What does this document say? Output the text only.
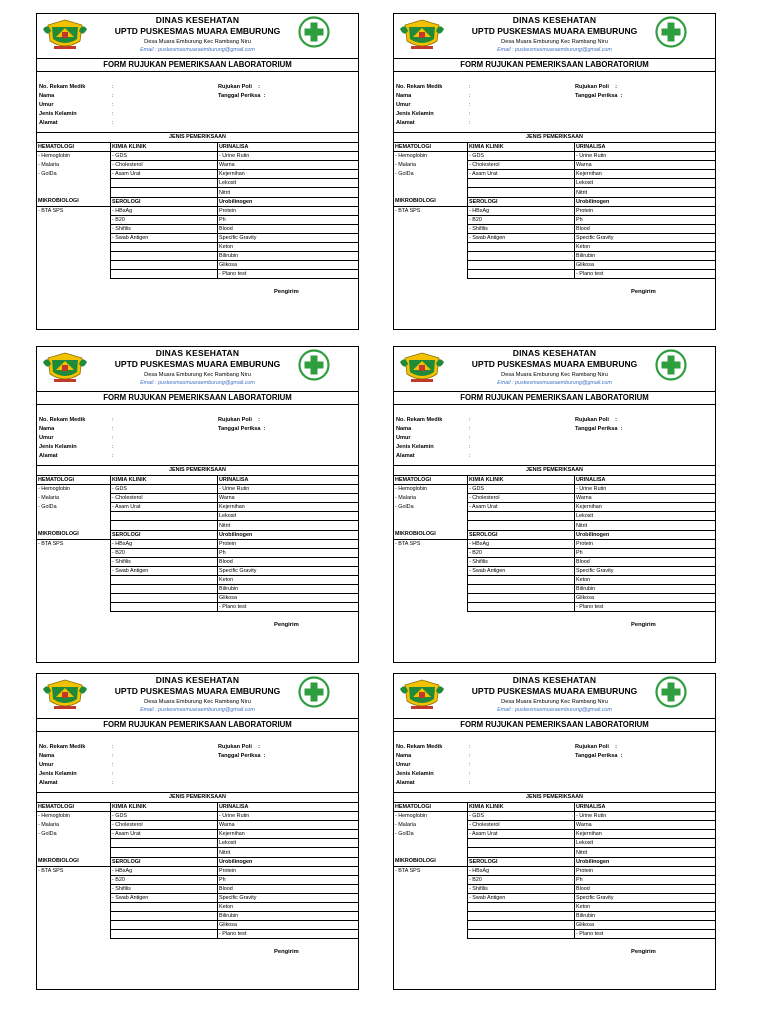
DINAS KESEHATAN
UPTD PUSKESMAS MUARA EMBURUNG
Desa Muara Emburung Kec Rambang Niru
Email : puskesmasmuaraemburung@gmail.com
FORM RUJUKAN PEMERIKSAAN LABORATORIUM
No. Rekam Medik	:
Nama	:
Umur	:
Jenis Kelamin	:
Alamat	:
Rujukan Poli :
Tanggal Periksa :
JENIS PEMERIKSAAN
HEMATOLOGI	KIMIA KLINIK	URINALISA
- Hemoglobin	- GDS	- Urine Rutin
- Malaria	- Cholesterol	Warna
- GolDa	- Asam Urat	Kejernihan
		Lekosit
		Nitrit
MIKROBIOLOGI	SEROLOGI	Urobilinogen
- BTA SPS	- HBsAg	Protein
	- B20	Ph
	- Shifilis	Blood
	- Swab Antigen	Specific Gravity
		Keton
		Bilirubin
		Glikosa
		- Plano test
Pengirim
DINAS KESEHATAN
UPTD PUSKESMAS MUARA EMBURUNG
Desa Muara Emburung Kec Rambang Niru
Email : puskesmasmuaraemburung@gmail.com
FORM RUJUKAN PEMERIKSAAN LABORATORIUM
No. Rekam Medik	:
Nama	:
Umur	:
Jenis Kelamin	:
Alamat	:
Rujukan Poli :
Tanggal Periksa :
JENIS PEMERIKSAAN
HEMATOLOGI	KIMIA KLINIK	URINALISA
- Hemoglobin	- GDS	- Urine Rutin
- Malaria	- Cholesterol	Warna
- GolDa	- Asam Urat	Kejernihan
		Lekosit
		Nitrit
MIKROBIOLOGI	SEROLOGI	Urobilinogen
- BTA SPS	- HBsAg	Protein
	- B20	Ph
	- Shifilis	Blood
	- Swab Antigen	Specific Gravity
		Keton
		Bilirubin
		Glikosa
		- Plano test
Pengirim
DINAS KESEHATAN
UPTD PUSKESMAS MUARA EMBURUNG
Desa Muara Emburung Kec Rambang Niru
Email : puskesmasmuaraemburung@gmail.com
FORM RUJUKAN PEMERIKSAAN LABORATORIUM
No. Rekam Medik	:
Nama	:
Umur	:
Jenis Kelamin	:
Alamat	:
Rujukan Poli :
Tanggal Periksa :
JENIS PEMERIKSAAN
HEMATOLOGI	KIMIA KLINIK	URINALISA
- Hemoglobin	- GDS	- Urine Rutin
- Malaria	- Cholesterol	Warna
- GolDa	- Asam Urat	Kejernihan
		Lekosit
		Nitrit
MIKROBIOLOGI	SEROLOGI	Urobilinogen
- BTA SPS	- HBsAg	Protein
	- B20	Ph
	- Shifilis	Blood
	- Swab Antigen	Specific Gravity
		Keton
		Bilirubin
		Glikosa
		- Plano test
Pengirim
DINAS KESEHATAN
UPTD PUSKESMAS MUARA EMBURUNG
Desa Muara Emburung Kec Rambang Niru
Email : puskesmasmuaraemburung@gmail.com
FORM RUJUKAN PEMERIKSAAN LABORATORIUM
No. Rekam Medik	:
Nama	:
Umur	:
Jenis Kelamin	:
Alamat	:
Rujukan Poli :
Tanggal Periksa :
JENIS PEMERIKSAAN
HEMATOLOGI	KIMIA KLINIK	URINALISA
- Hemoglobin	- GDS	- Urine Rutin
- Malaria	- Cholesterol	Warna
- GolDa	- Asam Urat	Kejernihan
		Lekosit
		Nitrit
MIKROBIOLOGI	SEROLOGI	Urobilinogen
- BTA SPS	- HBsAg	Protein
	- B20	Ph
	- Shifilis	Blood
	- Swab Antigen	Specific Gravity
		Keton
		Bilirubin
		Glikosa
		- Plano test
Pengirim
DINAS KESEHATAN
UPTD PUSKESMAS MUARA EMBURUNG
Desa Muara Emburung Kec Rambang Niru
Email : puskesmasmuaraemburung@gmail.com
FORM RUJUKAN PEMERIKSAAN LABORATORIUM
No. Rekam Medik	:
Nama	:
Umur	:
Jenis Kelamin	:
Alamat	:
Rujukan Poli :
Tanggal Periksa :
JENIS PEMERIKSAAN
HEMATOLOGI	KIMIA KLINIK	URINALISA
- Hemoglobin	- GDS	- Urine Rutin
- Malaria	- Cholesterol	Warna
- GolDa	- Asam Urat	Kejernihan
		Lekosit
		Nitrit
MIKROBIOLOGI	SEROLOGI	Urobilinogen
- BTA SPS	- HBsAg	Protein
	- B20	Ph
	- Shifilis	Blood
	- Swab Antigen	Specific Gravity
		Keton
		Bilirubin
		Glikosa
		- Plano test
Pengirim
DINAS KESEHATAN
UPTD PUSKESMAS MUARA EMBURUNG
Desa Muara Emburung Kec Rambang Niru
Email : puskesmasmuaraemburung@gmail.com
FORM RUJUKAN PEMERIKSAAN LABORATORIUM
No. Rekam Medik	:
Nama	:
Umur	:
Jenis Kelamin	:
Alamat	:
Rujukan Poli :
Tanggal Periksa :
JENIS PEMERIKSAAN
HEMATOLOGI	KIMIA KLINIK	URINALISA
- Hemoglobin	- GDS	- Urine Rutin
- Malaria	- Cholesterol	Warna
- GolDa	- Asam Urat	Kejernihan
		Lekosit
		Nitrit
MIKROBIOLOGI	SEROLOGI	Urobilinogen
- BTA SPS	- HBsAg	Protein
	- B20	Ph
	- Shifilis	Blood
	- Swab Antigen	Specific Gravity
		Keton
		Bilirubin
		Glikosa
		- Plano test
Pengirim
